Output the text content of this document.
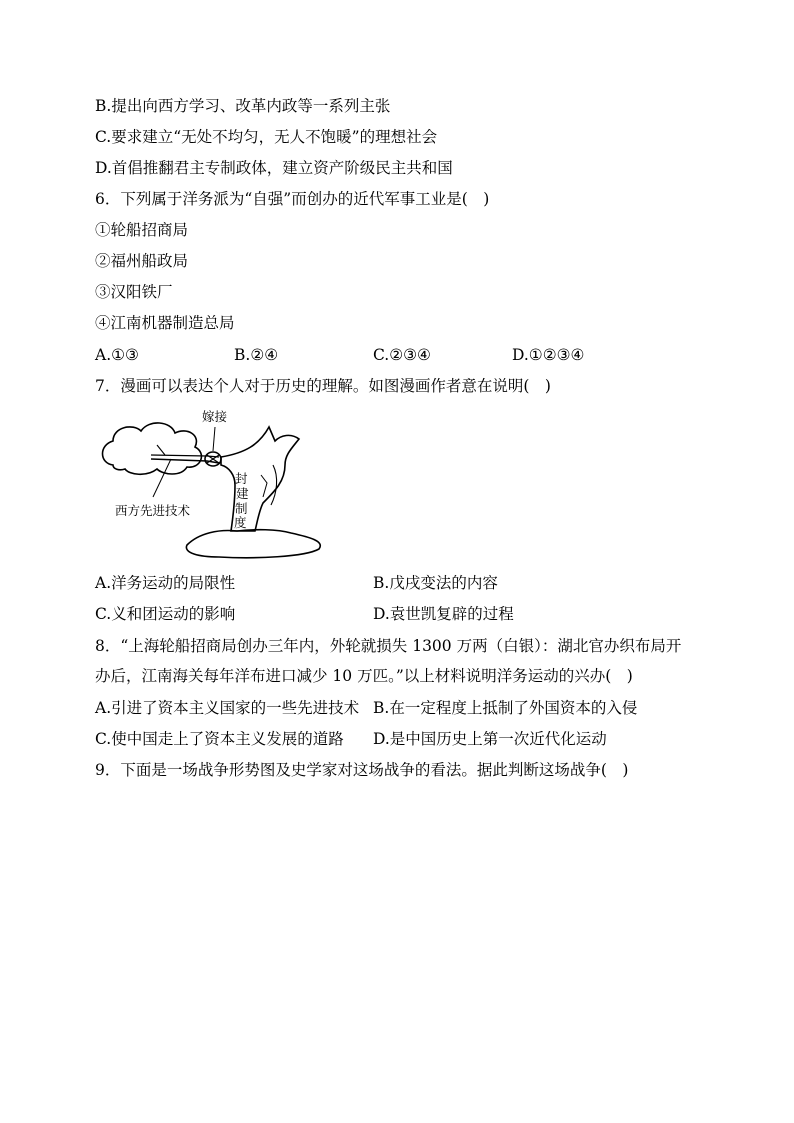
B.提出向西方学习、改革内政等一系列主张
C.要求建立“无处不均匀，无人不饱暖”的理想社会
D.首倡推翻君主专制政体，建立资产阶级民主共和国
6．下列属于洋务派为“自强”而创办的近代军事工业是(　)
①轮船招商局
②福州船政局
③汉阳铁厂
④江南机器制造总局
A.①③	B.②④	C.②③④	D.①②③④
7．漫画可以表达个人对于历史的理解。如图漫画作者意在说明(　)
嫁接
封
建
制
度
西方先进技术
A.洋务运动的局限性	B.戊戌变法的内容
C.义和团运动的影响	D.袁世凯复辟的过程
8．“上海轮船招商局创办三年内，外轮就损失 1300 万两（白银）：湖北官办织布局开
办后，江南海关每年洋布进口减少 10 万匹。”以上材料说明洋务运动的兴办(　)
A.引进了资本主义国家的一些先进技术 B.在一定程度上抵制了外国资本的入侵
C.使中国走上了资本主义发展的道路 D.是中国历史上第一次近代化运动
9．下面是一场战争形势图及史学家对这场战争的看法。据此判断这场战争(　)
